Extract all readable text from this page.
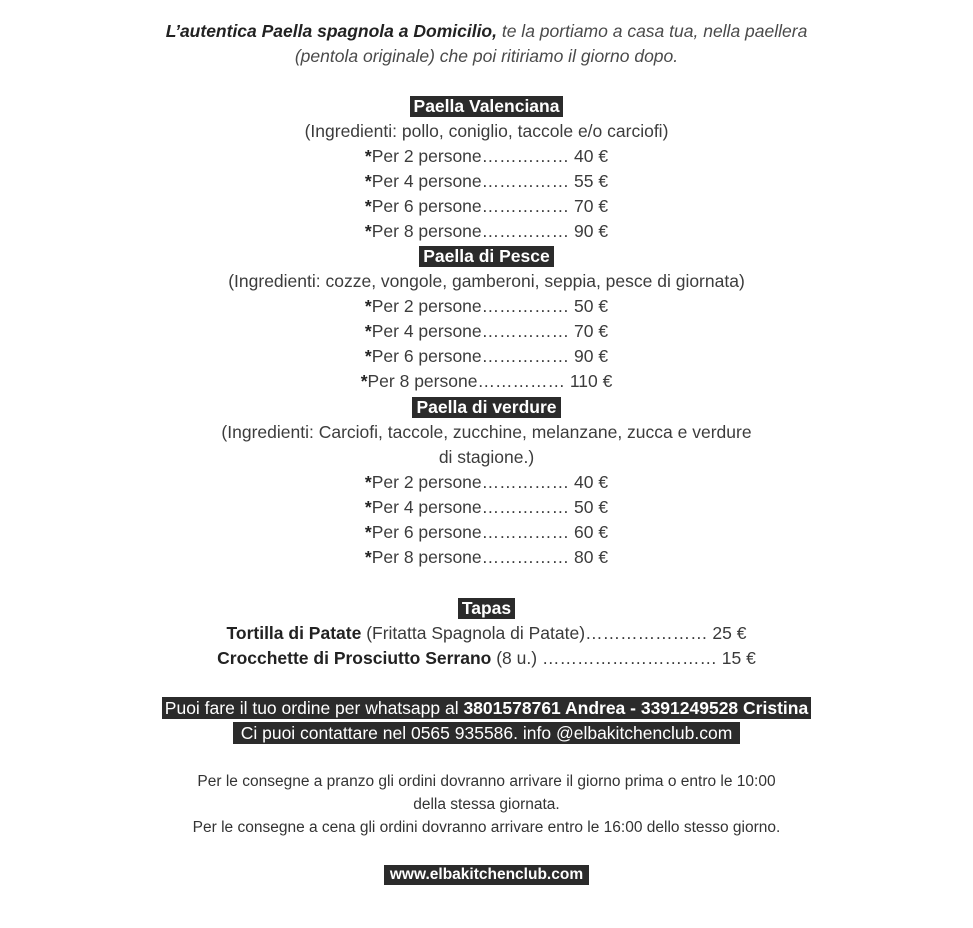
L’autentica Paella spagnola a Domicilio, te la portiamo a casa tua, nella paellera
(pentola originale) che poi ritiriamo il giorno dopo.
Paella Valenciana
(Ingredienti: pollo, coniglio, taccole e/o carciofi)
*Per 2 persone…………… 40 €
*Per 4 persone…………… 55 €
*Per 6 persone…………… 70 €
*Per 8 persone…………… 90 €
Paella di Pesce
(Ingredienti: cozze, vongole, gamberoni, seppia, pesce di giornata)
*Per 2 persone…………… 50 €
*Per 4 persone…………… 70 €
*Per 6 persone…………… 90 €
*Per 8 persone…………… 110 €
Paella di verdure
(Ingredienti: Carciofi, taccole, zucchine, melanzane, zucca e verdure
di stagione.)
*Per 2 persone…………… 40 €
*Per 4 persone…………… 50 €
*Per 6 persone…………… 60 €
*Per 8 persone…………… 80 €
Tapas
Tortilla di Patate (Fritatta Spagnola di Patate)………………… 25 €
Crocchette di Prosciutto Serrano (8 u.) ………………………… 15 €
Puoi fare il tuo ordine per whatsapp al 3801578761 Andrea - 3391249528 Cristina
Ci puoi contattare nel 0565 935586. info @elbakitchenclub.com
Per le consegne a pranzo gli ordini dovranno arrivare il giorno prima o entro le 10:00
della stessa giornata.
Per le consegne a cena gli ordini dovranno arrivare entro le 16:00 dello stesso giorno.
www.elbakitchenclub.com
